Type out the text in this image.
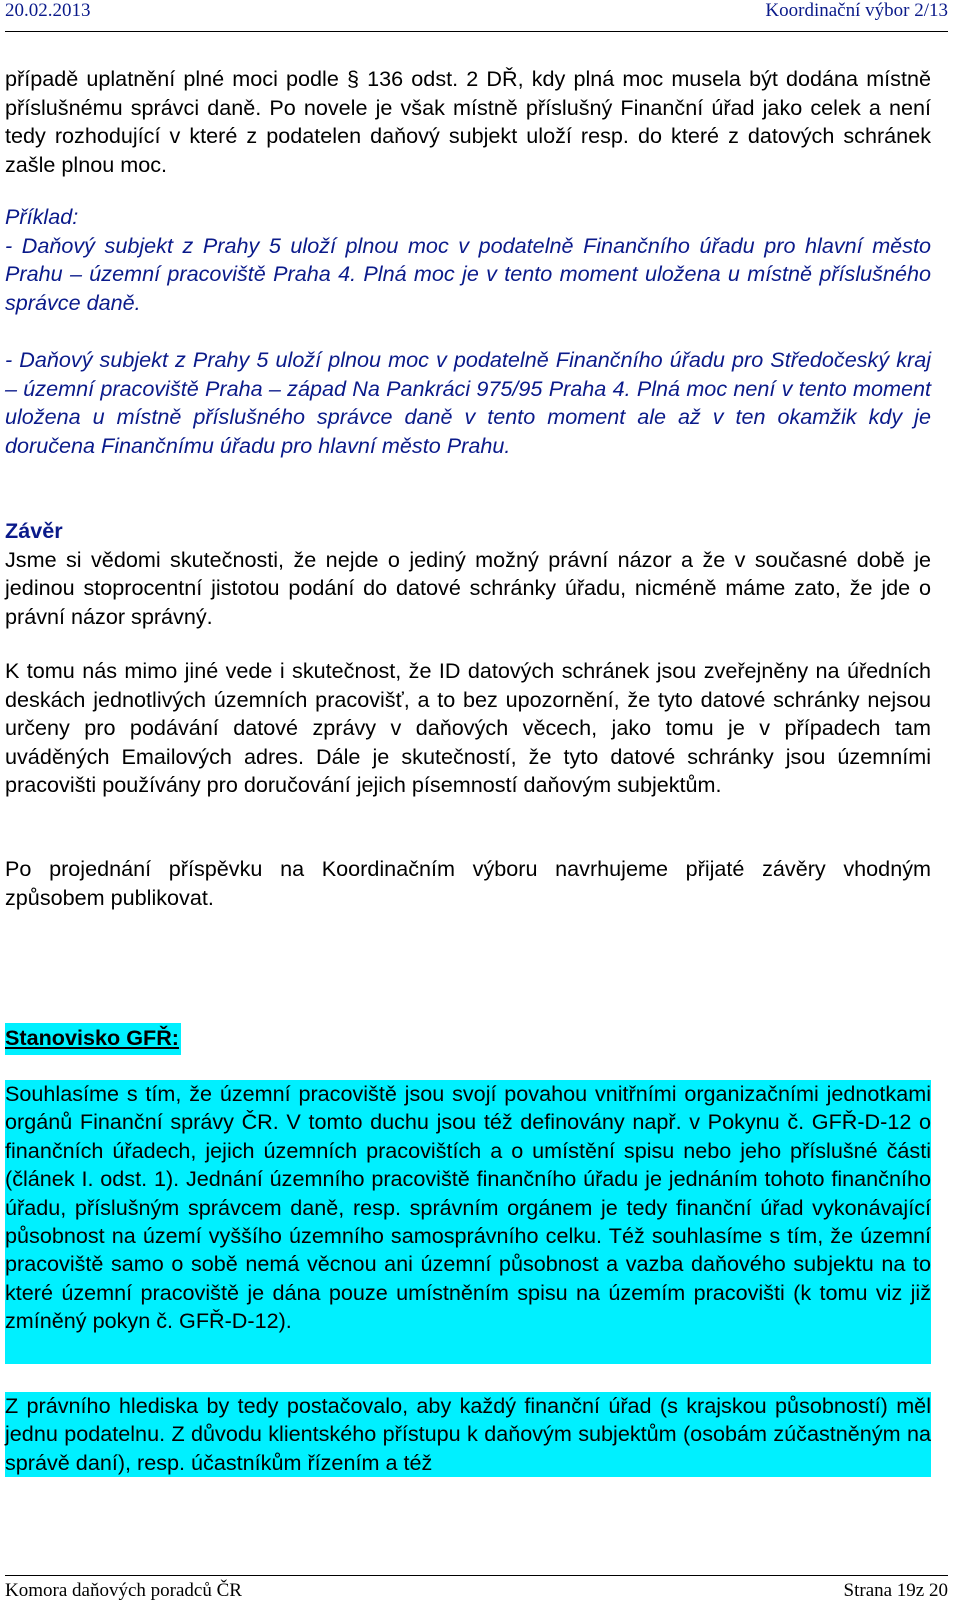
20.02.2013	Koordinační výbor 2/13

případě uplatnění plné moci podle § 136 odst. 2 DŘ, kdy plná moc musela být dodána místně příslušnému správci daně. Po novele je však místně příslušný Finanční úřad jako celek a není tedy rozhodující v které z podatelen daňový subjekt uloží resp. do které z datových schránek zašle plnou moc.

Příklad:
- Daňový subjekt z Prahy 5 uloží plnou moc v podatelně Finančního úřadu pro hlavní město Prahu – územní pracoviště Praha 4. Plná moc je v tento moment uložena u místně příslušného správce daně.

- Daňový subjekt z Prahy 5 uloží plnou moc v podatelně Finančního úřadu pro Středočeský kraj – územní pracoviště Praha – západ Na Pankráci 975/95 Praha 4. Plná moc není v tento moment uložena u místně příslušného správce daně v tento moment ale až v ten okamžik kdy je doručena Finančnímu úřadu pro hlavní město Prahu.

Závěr
Jsme si vědomi skutečnosti, že nejde o jediný možný právní názor a že v současné době je jedinou stoprocentní jistotou podání do datové schránky úřadu, nicméně máme zato, že jde o právní názor správný.

K tomu nás mimo jiné vede i skutečnost, že ID datových schránek jsou zveřejněny na úředních deskách jednotlivých územních pracovišť, a to bez upozornění, že tyto datové schránky nejsou určeny pro podávání datové zprávy v daňových věcech, jako tomu je v případech tam uváděných Emailových adres. Dále je skutečností, že tyto datové schránky jsou územními pracovišti používány pro doručování jejich písemností daňovým subjektům.

Po projednání příspěvku na Koordinačním výboru navrhujeme přijaté závěry vhodným způsobem publikovat.

Stanovisko GFŘ:
Souhlasíme s tím, že územní pracoviště jsou svojí povahou vnitřními organizačními jednotkami orgánů Finanční správy ČR. V tomto duchu jsou též definovány např. v Pokynu č. GFŘ-D-12 o finančních úřadech, jejich územních pracovištích a o umístění spisu nebo jeho příslušné části (článek I. odst. 1). Jednání územního pracoviště finančního úřadu je jednáním tohoto finančního úřadu, příslušným správcem daně, resp. správním orgánem je tedy finanční úřad vykonávající působnost na území vyššího územního samosprávního celku. Též souhlasíme s tím, že územní pracoviště samo o sobě nemá věcnou ani územní působnost a vazba daňového subjektu na to které územní pracoviště je dána pouze umístněním spisu na územím pracovišti (k tomu viz již zmíněný pokyn č. GFŘ-D-12).
Z právního hlediska by tedy postačovalo, aby každý finanční úřad (s krajskou působností) měl jednu podatelnu. Z důvodu klientského přístupu k daňovým subjektům (osobám zúčastněným na správě daní), resp. účastníkům řízením a též
Komora daňových poradců ČR	Strana 19z 20
